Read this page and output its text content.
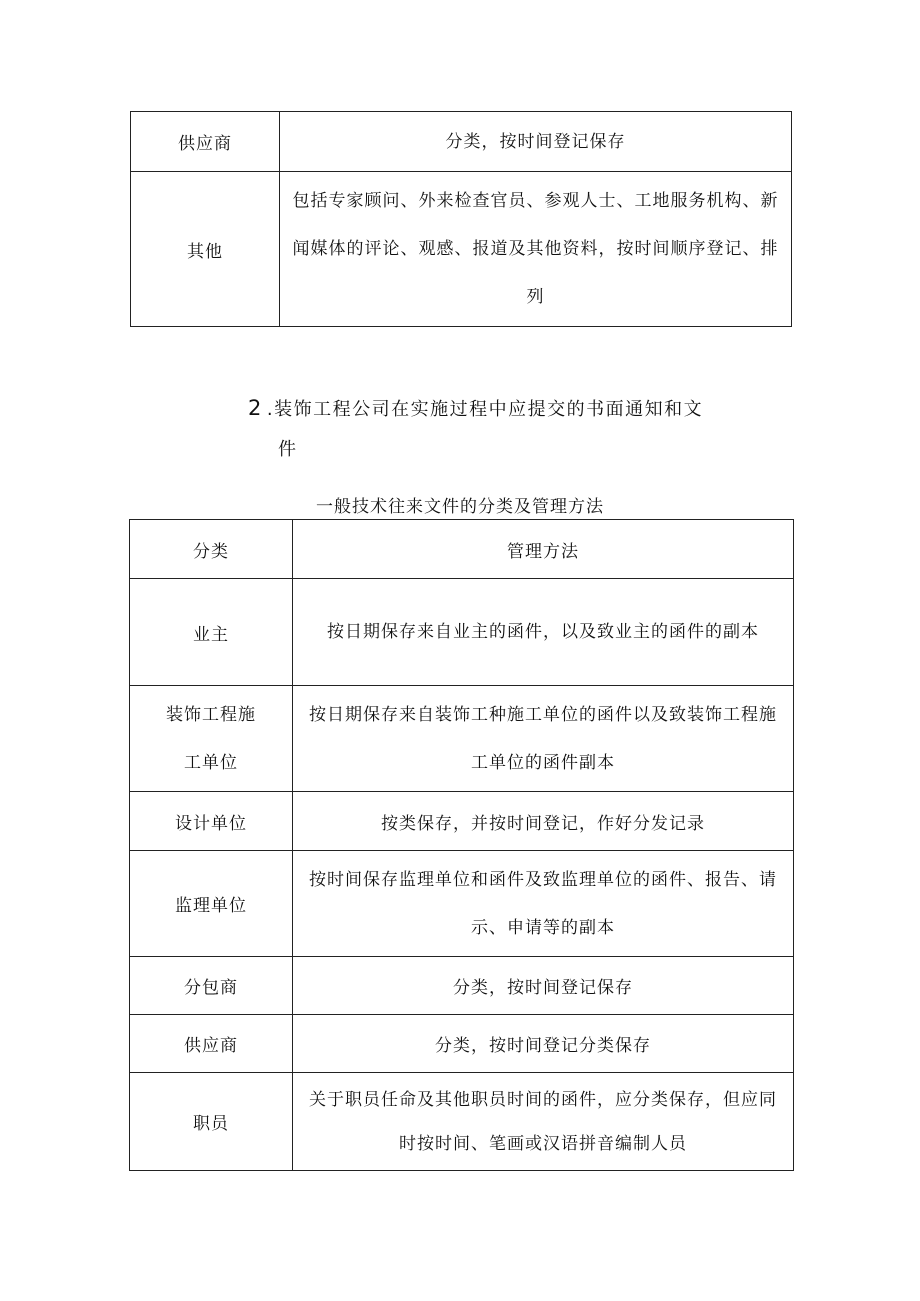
供应商	分类，按时间登记保存
其他	包括专家顾问、外来检查官员、参观人士、工地服务机构、新闻媒体的评论、观感、报道及其他资料，按时间顺序登记、排列
2 .装饰工程公司在实施过程中应提交的书面通知和文
件
一般技术往来文件的分类及管理方法
分类	管理方法
业主	按日期保存来自业主的函件，以及致业主的函件的副本
装饰工程施工单位	按日期保存来自装饰工种施工单位的函件以及致装饰工程施工单位的函件副本
设计单位	按类保存，并按时间登记，作好分发记录
监理单位	按时间保存监理单位和函件及致监理单位的函件、报告、请示、申请等的副本
分包商	分类，按时间登记保存
供应商	分类，按时间登记分类保存
职员	关于职员任命及其他职员时间的函件，应分类保存，但应同时按时间、笔画或汉语拼音编制人员
